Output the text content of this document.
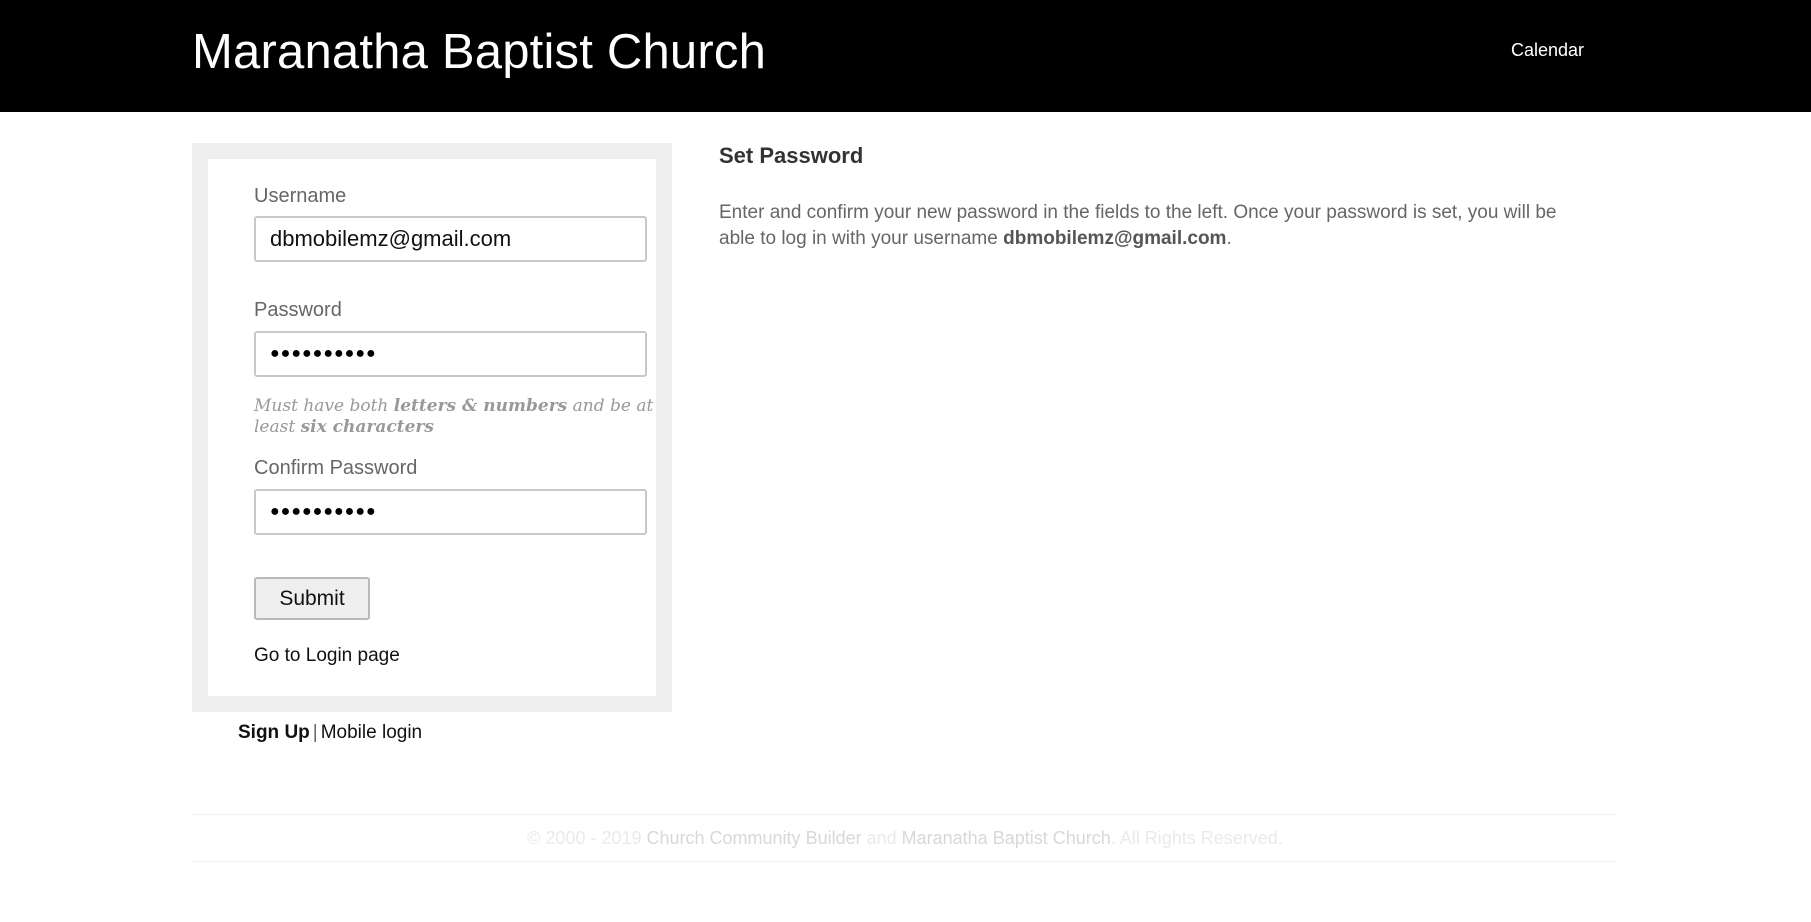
Maranatha Baptist Church	Calendar
Username
dbmobilemz@gmail.com
Password
●●●●●●●●●●
Must have both letters & numbers and be at least six characters
Confirm Password
●●●●●●●●●●
Submit
Go to Login page
Sign Up | Mobile login
Set Password
Enter and confirm your new password in the fields to the left. Once your password is set, you will be able to log in with your username dbmobilemz@gmail.com.
© 2000 - 2019 Church Community Builder and Maranatha Baptist Church. All Rights Reserved.
